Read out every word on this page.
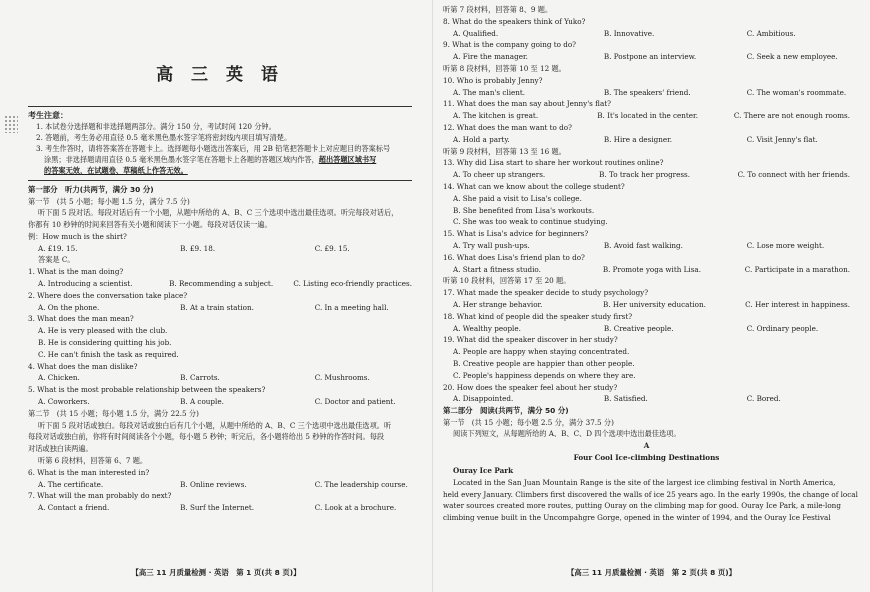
高 三 英 语
考生注意：
1. 本试卷分选择题和非选择题两部分。满分 150 分，考试时间 120 分钟。
2. 答题前，考生务必用直径 0.5 毫米黑色墨水签字笔将密封线内项目填写清楚。
3. 考生作答时，请将答案答在答题卡上。选择题每小题选出答案后，用 2B 铅笔把答题卡上对应题目的答案标号
涂黑；非选择题请用直径 0.5 毫米黑色墨水签字笔在答题卡上各题的答题区域内作答，超出答题区域书写
的答案无效，在试题卷、草稿纸上作答无效。
第一部分　听力(共两节，满分 30 分)
第一节　(共 5 小题；每小题 1.5 分，满分 7.5 分)
听下面 5 段对话。每段对话后有一个小题，从题中所给的 A、B、C 三个选项中选出最佳选项。听完每段对话后，
你都有 10 秒钟的时间来回答有关小题和阅读下一小题。每段对话仅读一遍。
例：How much is the shirt?
A. £19. 15.	B. £9. 18.	C. £9. 15.
答案是 C。
1. What is the man doing?
A. Introducing a scientist.	B. Recommending a subject.	C. Listing eco-friendly practices.
2. Where does the conversation take place?
A. On the phone.	B. At a train station.	C. In a meeting hall.
3. What does the man mean?
A. He is very pleased with the club.
B. He is considering quitting his job.
C. He can't finish the task as required.
4. What does the man dislike?
A. Chicken.	B. Carrots.	C. Mushrooms.
5. What is the most probable relationship between the speakers?
A. Coworkers.	B. A couple.	C. Doctor and patient.
第二节　(共 15 小题；每小题 1.5 分，满分 22.5 分)
听下面 5 段对话或独白。每段对话或独白后有几个小题，从题中所给的 A、B、C 三个选项中选出最佳选项。听
每段对话或独白前，你将有时间阅读各个小题，每小题 5 秒钟；听完后，各小题将给出 5 秒钟的作答时间。每段
对话或独白读两遍。
听第 6 段材料，回答第 6、7 题。
6. What is the man interested in?
A. The certificate.	B. Online reviews.	C. The leadership course.
7. What will the man probably do next?
A. Contact a friend.	B. Surf the Internet.	C. Look at a brochure.
【高三 11 月质量检测 · 英语　第 1 页(共 8 页)】
听第 7 段材料，回答第 8、9 题。
8. What do the speakers think of Yuko?
A. Qualified.	B. Innovative.	C. Ambitious.
9. What is the company going to do?
A. Fire the manager.	B. Postpone an interview.	C. Seek a new employee.
听第 8 段材料，回答第 10 至 12 题。
10. Who is probably Jenny?
A. The man's client.	B. The speakers' friend.	C. The woman's roommate.
11. What does the man say about Jenny's flat?
A. The kitchen is great.	B. It's located in the center.	C. There are not enough rooms.
12. What does the man want to do?
A. Hold a party.	B. Hire a designer.	C. Visit Jenny's flat.
听第 9 段材料，回答第 13 至 16 题。
13. Why did Lisa start to share her workout routines online?
A. To cheer up strangers.	B. To track her progress.	C. To connect with her friends.
14. What can we know about the college student?
A. She paid a visit to Lisa's college.
B. She benefited from Lisa's workouts.
C. She was too weak to continue studying.
15. What is Lisa's advice for beginners?
A. Try wall push-ups.	B. Avoid fast walking.	C. Lose more weight.
16. What does Lisa's friend plan to do?
A. Start a fitness studio.	B. Promote yoga with Lisa.	C. Participate in a marathon.
听第 10 段材料，回答第 17 至 20 题。
17. What made the speaker decide to study psychology?
A. Her strange behavior.	B. Her university education.	C. Her interest in happiness.
18. What kind of people did the speaker study first?
A. Wealthy people.	B. Creative people.	C. Ordinary people.
19. What did the speaker discover in her study?
A. People are happy when staying concentrated.
B. Creative people are happier than other people.
C. People's happiness depends on where they are.
20. How does the speaker feel about her study?
A. Disappointed.	B. Satisfied.	C. Bored.
第二部分　阅读(共两节，满分 50 分)
第一节　(共 15 小题；每小题 2.5 分，满分 37.5 分)
阅读下列短文，从每题所给的 A、B、C、D 四个选项中选出最佳选项。
A
Four Cool Ice-climbing Destinations
Ouray Ice Park
Located in the San Juan Mountain Range is the site of the largest ice climbing festival in North America,
held every January. Climbers first discovered the walls of ice 25 years ago. In the early 1990s, the change of local
water sources created more routes, putting Ouray on the climbing map for good. Ouray Ice Park, a mile-long
climbing venue built in the Uncompahgre Gorge, opened in the winter of 1994, and the Ouray Ice Festival
【高三 11 月质量检测 · 英语　第 2 页(共 8 页)】
